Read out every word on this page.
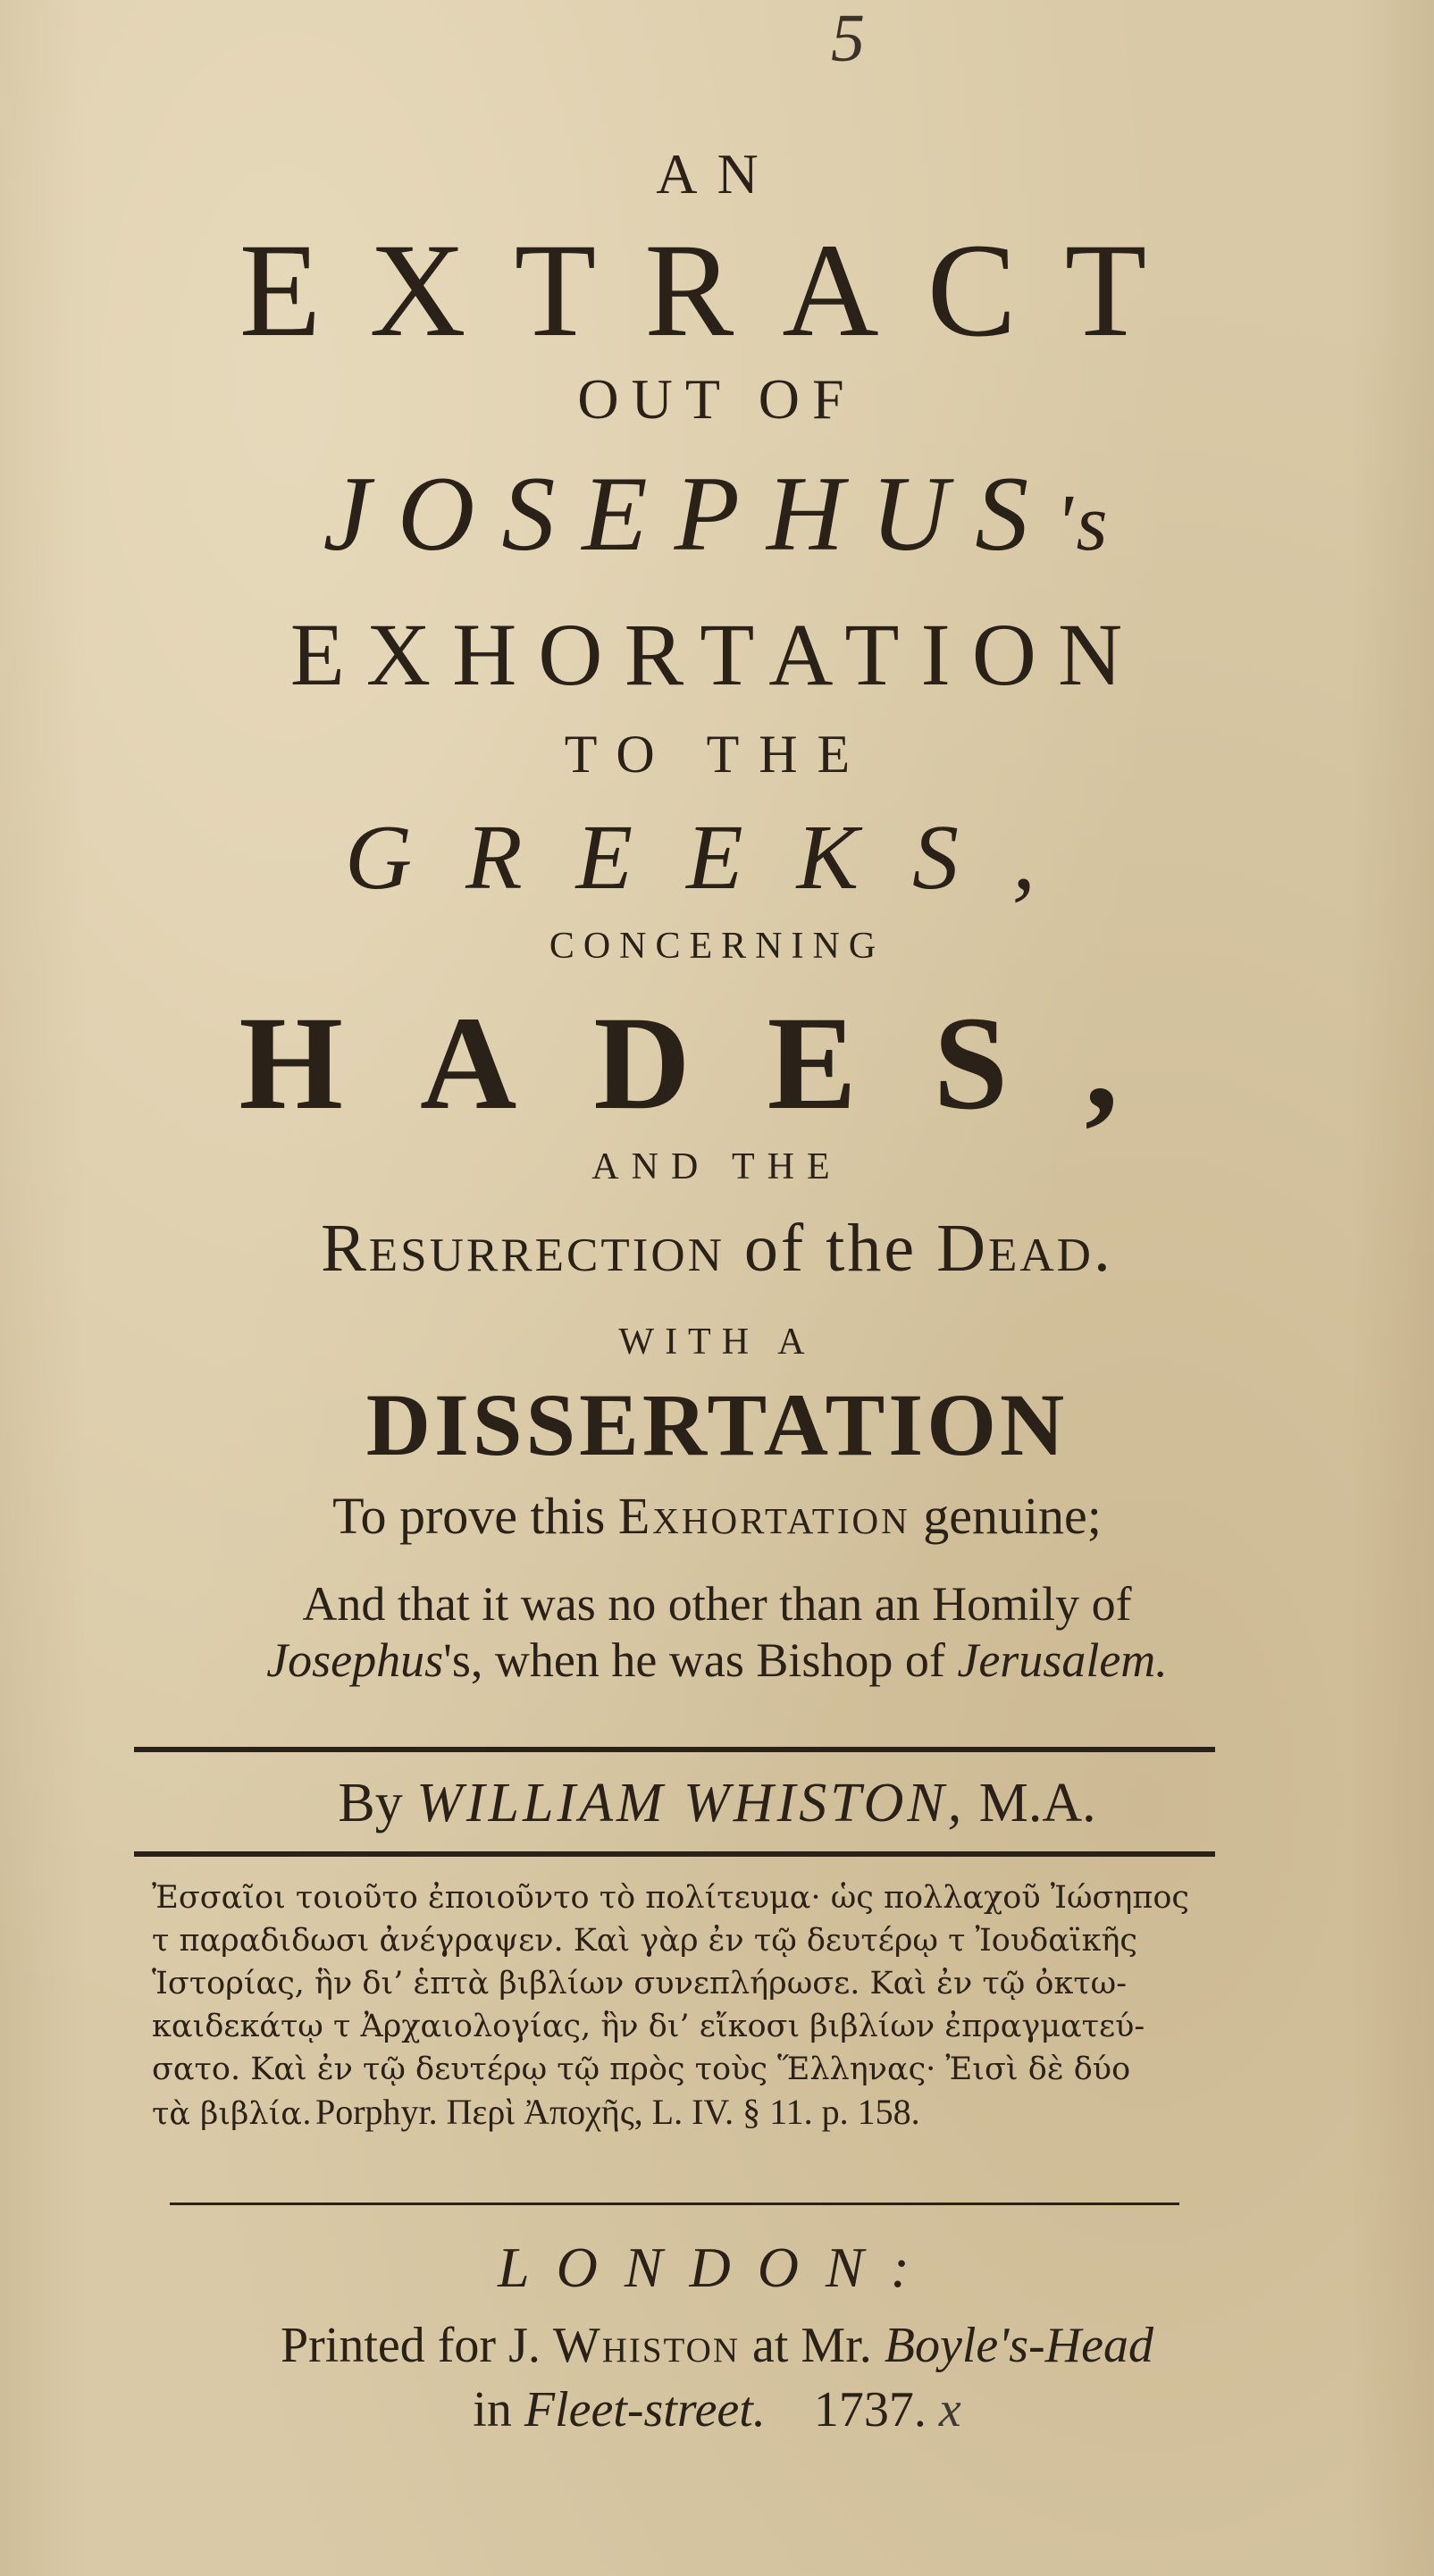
5
AN
EXTRACT
OUT OF
JOSEPHUS's
EXHORTATION
TO THE
GREEKS,
CONCERNING
HADES,
AND THE
Resurrection of the Dead.
WITH A
DISSERTATION
To prove this Exhortation genuine;
And that it was no other than an Homily of
Josephus's, when he was Bishop of Jerusalem.
By WILLIAM WHISTON, M.A.
Ἐσσαῖοι τοιοῦτο ἐποιοῦντο τὸ πολίτευμα· ὡς πολλαχοῦ Ἰώσηπος
τ παραδιδωσι ἀνέγραψεν. Καὶ γὰρ ἐν τῷ δευτέρῳ τ Ἰουδαϊκῆς
Ἱστορίας, ἣν δι’ ἑπτὰ βιβλίων συνεπλήρωσε. Καὶ ἐν τῷ ὀκτω-
καιδεκάτῳ τ Ἀρχαιολογίας, ἣν δι’ εἴκοσι βιβλίων ἐπραγματεύ-
σατο. Καὶ ἐν τῷ δευτέρῳ τῷ πρὸς τοὺς Ἕλληνας· Ἐισὶ δὲ δύο
τὰ βιβλία. Porphyr. Περὶ Ἀποχῆς, L. IV. § 11. p. 158.
LONDON:
Printed for J. Whiston at Mr. Boyle's-Head
in Fleet-street. 1737. x
